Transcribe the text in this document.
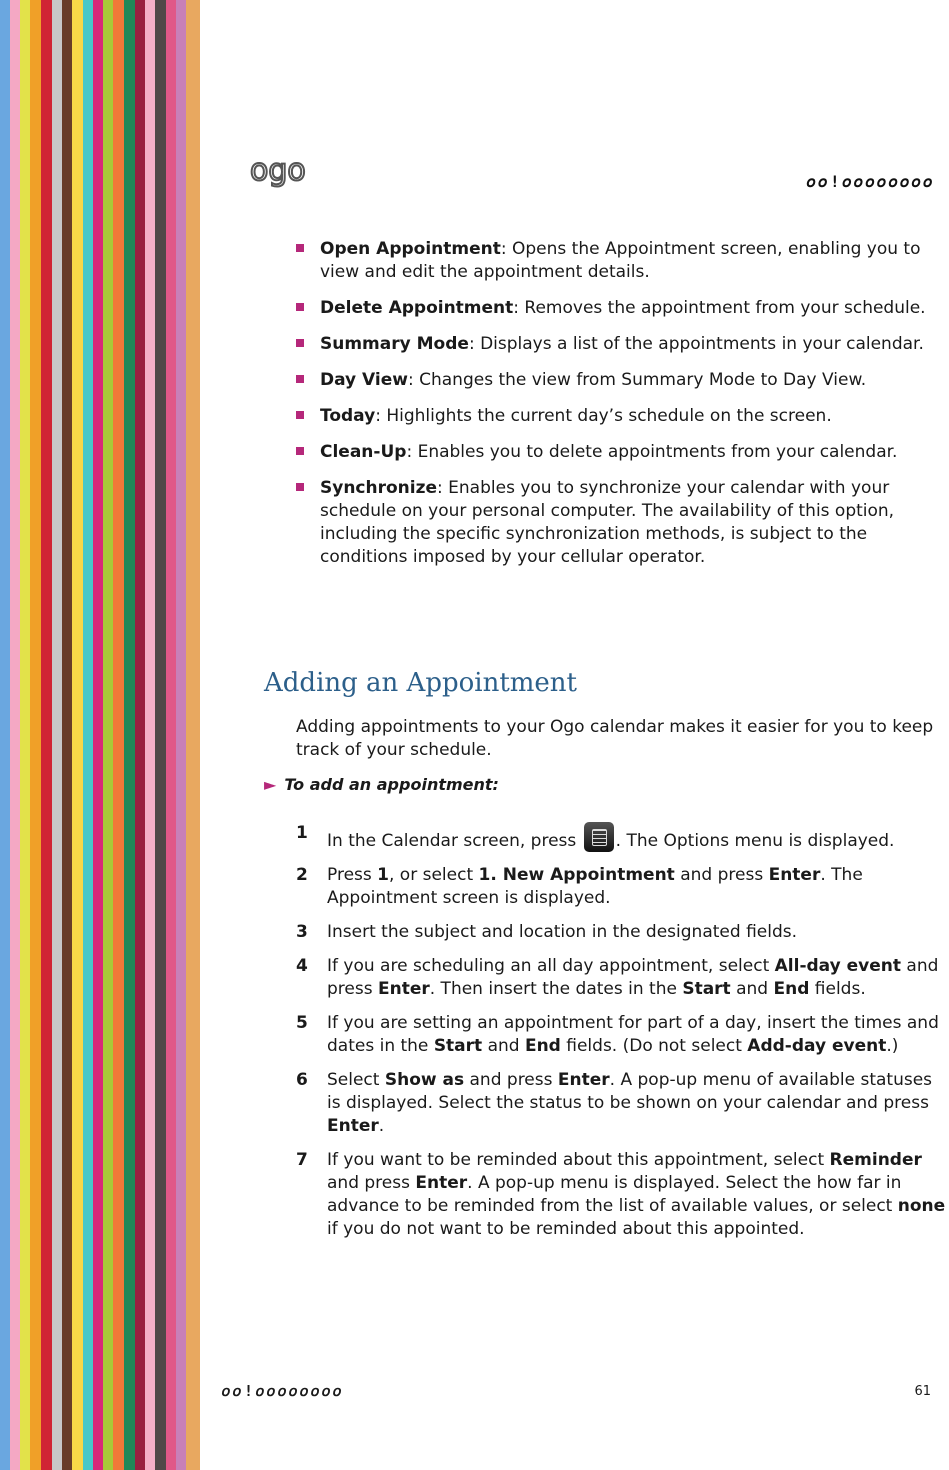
ogo	𝑜𝑜!𝑜𝑜𝑜𝑜𝑜𝑜𝑜𝑜
Open Appointment: Opens the Appointment screen, enabling you to view and edit the appointment details.
Delete Appointment: Removes the appointment from your schedule.
Summary Mode: Displays a list of the appointments in your calendar.
Day View: Changes the view from Summary Mode to Day View.
Today: Highlights the current day’s schedule on the screen.
Clean-Up: Enables you to delete appointments from your calendar.
Synchronize: Enables you to synchronize your calendar with your schedule on your personal computer. The availability of this option, including the specific synchronization methods, is subject to the conditions imposed by your cellular operator.
Adding an Appointment

Adding appointments to your Ogo calendar makes it easier for you to keep track of your schedule.

► To add an appointment:

1 In the Calendar screen, press . The Options menu is displayed.
2 Press 1, or select 1. New Appointment and press Enter. The Appointment screen is displayed.
3 Insert the subject and location in the designated fields.
4 If you are scheduling an all day appointment, select All-day event and press Enter. Then insert the dates in the Start and End fields.
5 If you are setting an appointment for part of a day, insert the times and dates in the Start and End fields. (Do not select Add-day event.)
6 Select Show as and press Enter. A pop-up menu of available statuses is displayed. Select the status to be shown on your calendar and press Enter.
7 If you want to be reminded about this appointment, select Reminder and press Enter. A pop-up menu is displayed. Select the how far in advance to be reminded from the list of available values, or select none if you do not want to be reminded about this appointed.
𝑜𝑜!𝑜𝑜𝑜𝑜𝑜𝑜𝑜𝑜	61
